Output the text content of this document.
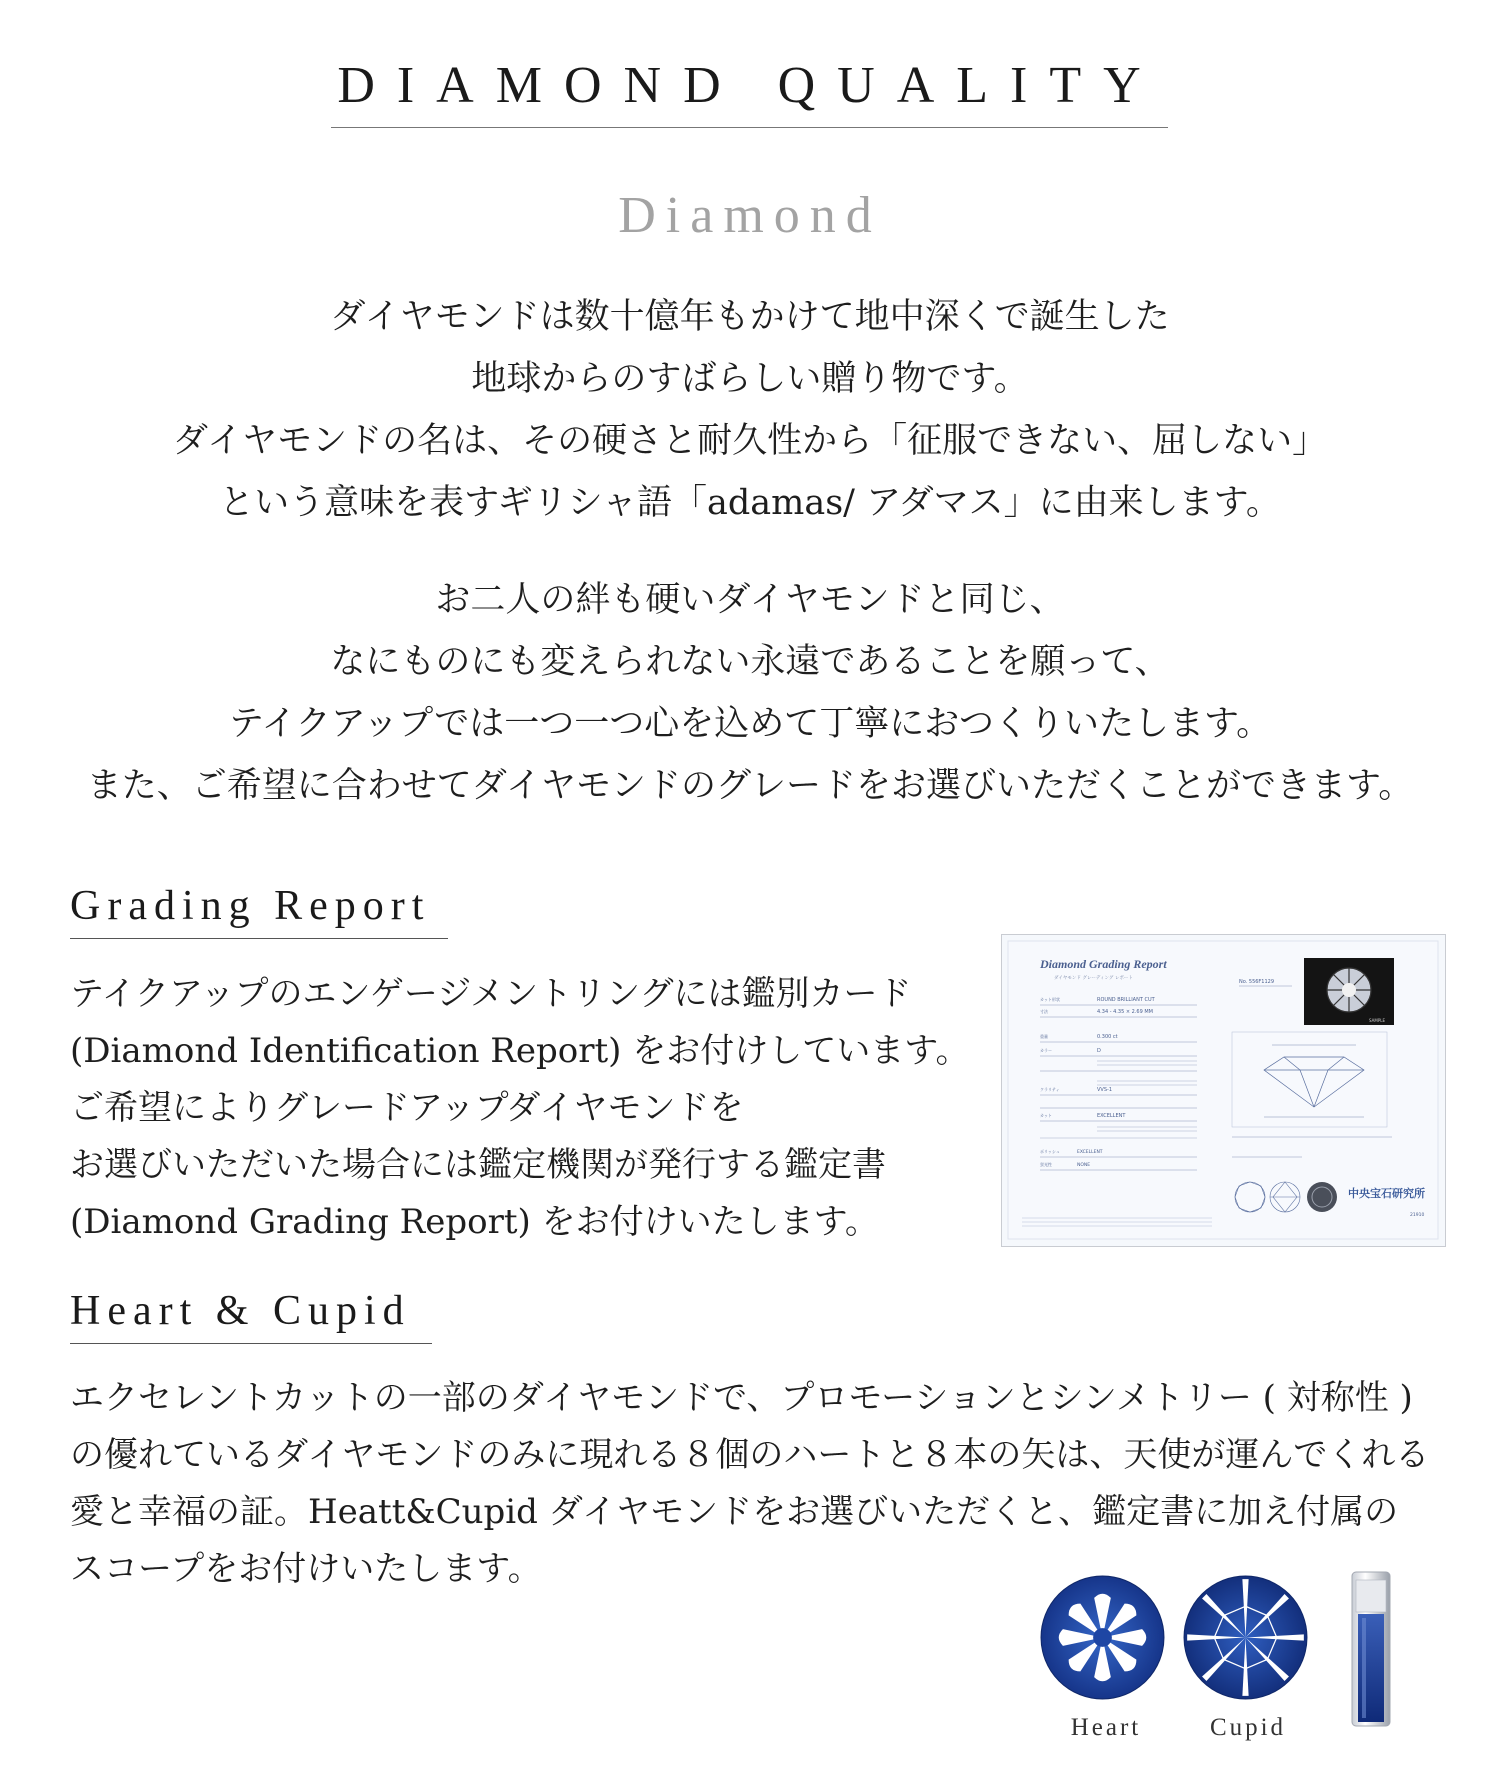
DIAMOND QUALITY
Diamond
ダイヤモンドは数十億年もかけて地中深くで誕生した
地球からのすばらしい贈り物です。
ダイヤモンドの名は、その硬さと耐久性から「征服できない、屈しない」
という意味を表すギリシャ語「adamas/ アダマス」に由来します。
お二人の絆も硬いダイヤモンドと同じ、
なにものにも変えられない永遠であることを願って、
テイクアップでは一つ一つ心を込めて丁寧におつくりいたします。
また、ご希望に合わせてダイヤモンドのグレードをお選びいただくことができます。
Grading Report
テイクアップのエンゲージメントリングには鑑別カード
(Diamond Identification Report) をお付けしています。
ご希望によりグレードアップダイヤモンドを
お選びいただいた場合には鑑定機関が発行する鑑定書
(Diamond Grading Report) をお付けいたします。
Diamond Grading Report
ダイヤモンド グレーディング レポート
No. 556F1129
SAMPLE
カット形状	ROUND BRILLIANT CUT
寸法	4.34 - 4.35 × 2.69 MM
重量	0.300 ct
カラー	D
クラリティ	VVS-1
カット	EXCELLENT
ポリッシュ	EXCELLENT
蛍光性	NONE
中央宝石研究所
21910
Heart & Cupid
エクセレントカットの一部のダイヤモンドで、プロモーションとシンメトリー ( 対称性 )
の優れているダイヤモンドのみに現れる８個のハートと８本の矢は、天使が運んでくれる
愛と幸福の証。Heatt&Cupid ダイヤモンドをお選びいただくと、鑑定書に加え付属の
スコープをお付けいたします。
Heart	Cupid
